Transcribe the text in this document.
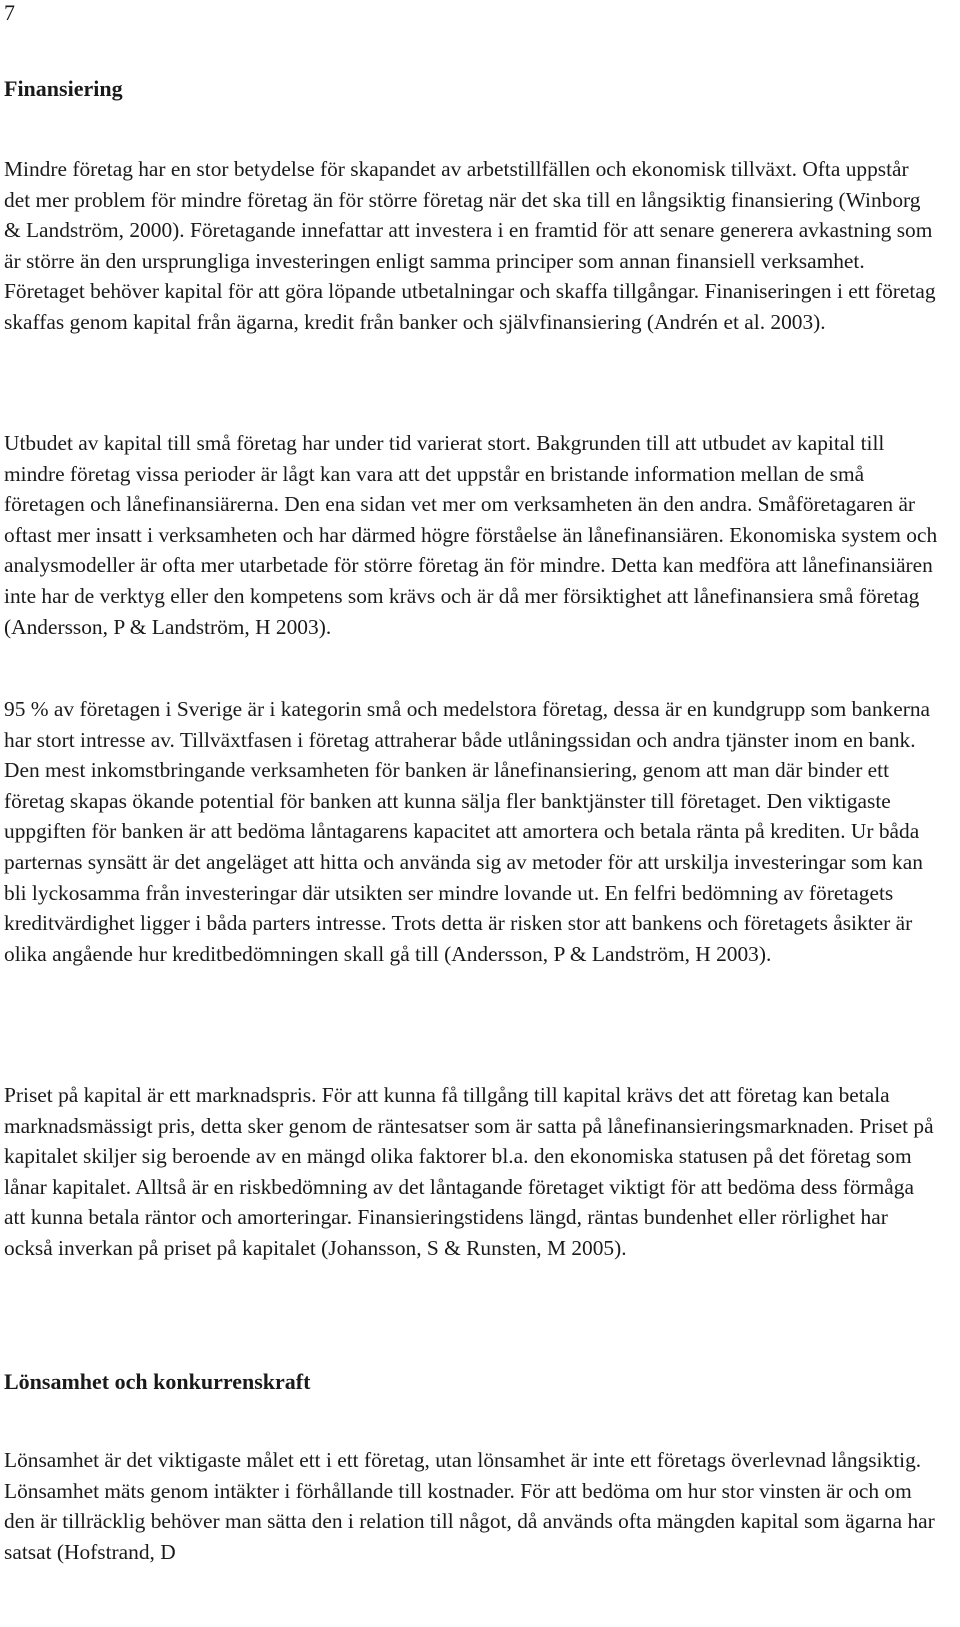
7
Finansiering

Mindre företag har en stor betydelse för skapandet av arbetstillfällen och ekonomisk tillväxt. Ofta uppstår det mer problem för mindre företag än för större företag när det ska till en långsiktig finansiering (Winborg & Landström, 2000). Företagande innefattar att investera i en framtid för att senare generera avkastning som är större än den ursprungliga investeringen enligt samma principer som annan finansiell verksamhet. Företaget behöver kapital för att göra löpande utbetalningar och skaffa tillgångar. Finaniseringen i ett företag skaffas genom kapital från ägarna, kredit från banker och självfinansiering (Andrén et al. 2003).

Utbudet av kapital till små företag har under tid varierat stort. Bakgrunden till att utbudet av kapital till mindre företag vissa perioder är lågt kan vara att det uppstår en bristande information mellan de små företagen och lånefinansiärerna. Den ena sidan vet mer om verksamheten än den andra. Småföretagaren är oftast mer insatt i verksamheten och har därmed högre förståelse än lånefinansiären. Ekonomiska system och analysmodeller är ofta mer utarbetade för större företag än för mindre. Detta kan medföra att lånefinansiären inte har de verktyg eller den kompetens som krävs och är då mer försiktighet att lånefinansiera små företag (Andersson, P & Landström, H 2003).

95 % av företagen i Sverige är i kategorin små och medelstora företag, dessa är en kundgrupp som bankerna har stort intresse av. Tillväxtfasen i företag attraherar både utlåningssidan och andra tjänster inom en bank. Den mest inkomstbringande verksamheten för banken är lånefinansiering, genom att man där binder ett företag skapas ökande potential för banken att kunna sälja fler banktjänster till företaget. Den viktigaste uppgiften för banken är att bedöma låntagarens kapacitet att amortera och betala ränta på krediten. Ur båda parternas synsätt är det angeläget att hitta och använda sig av metoder för att urskilja investeringar som kan bli lyckosamma från investeringar där utsikten ser mindre lovande ut. En felfri bedömning av företagets kreditvärdighet ligger i båda parters intresse. Trots detta är risken stor att bankens och företagets åsikter är olika angående hur kreditbedömningen skall gå till (Andersson, P & Landström, H 2003).

Priset på kapital är ett marknadspris. För att kunna få tillgång till kapital krävs det att företag kan betala marknadsmässigt pris, detta sker genom de räntesatser som är satta på lånefinansieringsmarknaden. Priset på kapitalet skiljer sig beroende av en mängd olika faktorer bl.a. den ekonomiska statusen på det företag som lånar kapitalet. Alltså är en riskbedömning av det låntagande företaget viktigt för att bedöma dess förmåga att kunna betala räntor och amorteringar. Finansieringstidens längd, räntas bundenhet eller rörlighet har också inverkan på priset på kapitalet (Johansson, S & Runsten, M 2005).

Lönsamhet och konkurrenskraft

Lönsamhet är det viktigaste målet ett i ett företag, utan lönsamhet är inte ett företags överlevnad långsiktig. Lönsamhet mäts genom intäkter i förhållande till kostnader. För att bedöma om hur stor vinsten är och om den är tillräcklig behöver man sätta den i relation till något, då används ofta mängden kapital som ägarna har satsat (Hofstrand, D
